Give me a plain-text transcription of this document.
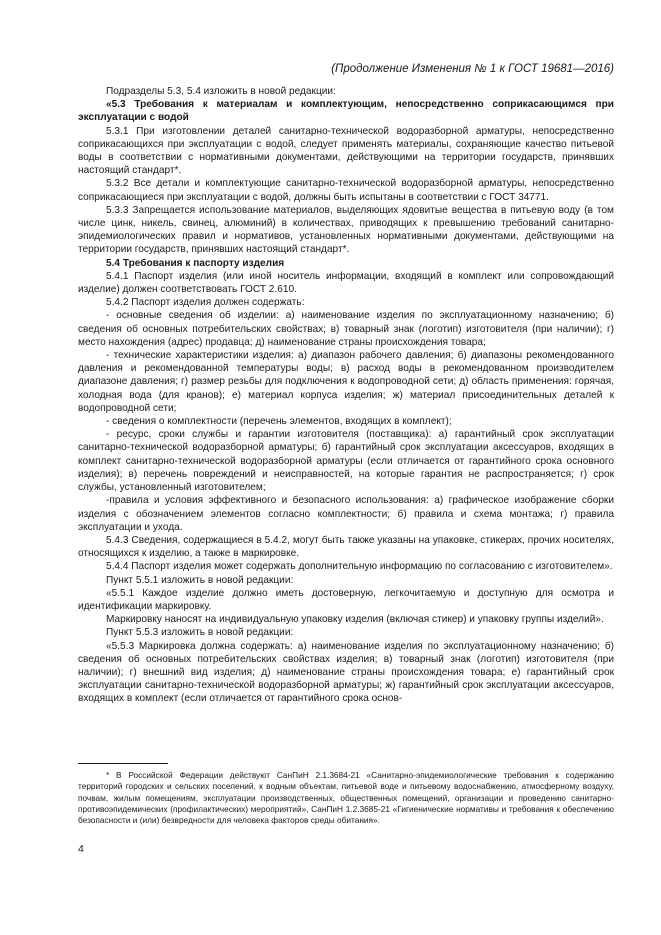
(Продолжение Изменения № 1 к ГОСТ 19681—2016)

Подразделы 5.3, 5.4 изложить в новой редакции:

«5.3 Требования к материалам и комплектующим, непосредственно соприкасающимся при эксплуатации с водой

5.3.1 При изготовлении деталей санитарно-технической водоразборной арматуры, непосредственно соприкасающихся при эксплуатации с водой, следует применять материалы, сохраняющие качество питьевой воды в соответствии с нормативными документами, действующими на территории государств, принявших настоящий стандарт*.

5.3.2 Все детали и комплектующие санитарно-технической водоразборной арматуры, непосредственно соприкасающиеся при эксплуатации с водой, должны быть испытаны в соответствии с ГОСТ 34771.

5.3.3 Запрещается использование материалов, выделяющих ядовитые вещества в питьевую воду (в том числе цинк, никель, свинец, алюминий) в количествах, приводящих к превышению требований санитарно-эпидемиологических правил и нормативов, установленных нормативными документами, действующими на территории государств, принявших настоящий стандарт*.

5.4 Требования к паспорту изделия

5.4.1 Паспорт изделия (или иной носитель информации, входящий в комплект или сопровождающий изделие) должен соответствовать ГОСТ 2.610.

5.4.2 Паспорт изделия должен содержать:

- основные сведения об изделии: а) наименование изделия по эксплуатационному назначению; б) сведения об основных потребительских свойствах; в) товарный знак (логотип) изготовителя (при наличии); г) место нахождения (адрес) продавца; д) наименование страны происхождения товара;

- технические характеристики изделия: а) диапазон рабочего давления; б) диапазоны рекомендованного давления и рекомендованной температуры воды; в) расход воды в рекомендованном производителем диапазоне давления; г) размер резьбы для подключения к водопроводной сети; д) область применения: горячая, холодная вода (для кранов); е) материал корпуса изделия; ж) материал присоединительных деталей к водопроводной сети;

- сведения о комплектности (перечень элементов, входящих в комплект);

- ресурс, сроки службы и гарантии изготовителя (поставщика): а) гарантийный срок эксплуатации санитарно-технической водоразборной арматуры; б) гарантийный срок эксплуатации аксессуаров, входящих в комплект санитарно-технической водоразборной арматуры (если отличается от гарантийного срока основного изделия); в) перечень повреждений и неисправностей, на которые гарантия не распространяется; г) срок службы, установленный изготовителем;

-правила и условия эффективного и безопасного использования: а) графическое изображение сборки изделия с обозначением элементов согласно комплектности; б) правила и схема монтажа; г) правила эксплуатации и ухода.

5.4.3 Сведения, содержащиеся в 5.4.2, могут быть также указаны на упаковке, стикерах, прочих носителях, относящихся к изделию, а также в маркировке.

5.4.4 Паспорт изделия может содержать дополнительную информацию по согласованию с изготовителем».

Пункт 5.5.1 изложить в новой редакции:

«5.5.1 Каждое изделие должно иметь достоверную, легкочитаемую и доступную для осмотра и идентификации маркировку.

Маркировку наносят на индивидуальную упаковку изделия (включая стикер) и упаковку группы изделий».

Пункт 5.5.3 изложить в новой редакции:

«5.5.3 Маркировка должна содержать: а) наименование изделия по эксплуатационному назначению; б) сведения об основных потребительских свойствах изделия; в) товарный знак (логотип) изготовителя (при наличии); г) внешний вид изделия; д) наименование страны происхождения товара; е) гарантийный срок эксплуатации санитарно-технической водоразборной арматуры; ж) гарантийный срок эксплуатации аксессуаров, входящих в комплект (если отличается от гарантийного срока основ-

* В Российской Федерации действуют СанПиН 2.1.3684-21 «Санитарно-эпидемиологические требования к содержанию территорий городских и сельских поселений, к водным объектам, питьевой воде и питьевому водоснабжению, атмосферному воздуху, почвам, жилым помещениям, эксплуатации производственных, общественных помещений, организации и проведению санитарно-противоэпидемических (профилактических) мероприятий», СанПиН 1.2.3685-21 «Гигиенические нормативы и требования к обеспечению безопасности и (или) безвредности для человека факторов среды обитания».

4
